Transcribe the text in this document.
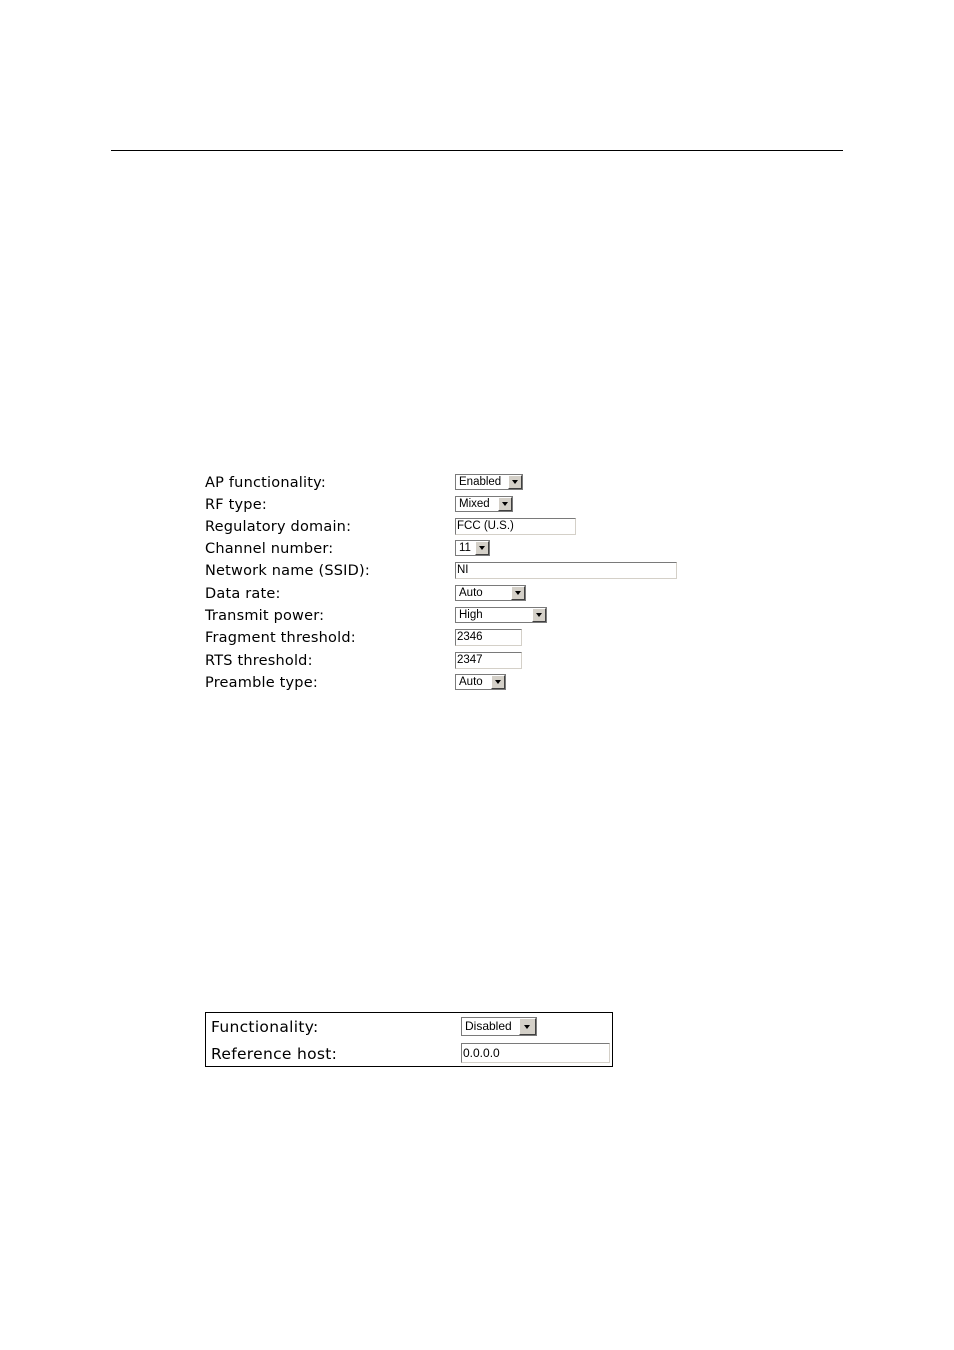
AP functionality:	Enabled
RF type:	Mixed
Regulatory domain:	FCC (U.S.)
Channel number:	11
Network name (SSID):	NI
Data rate:	Auto
Transmit power:	High
Fragment threshold:	2346
RTS threshold:	2347
Preamble type:	Auto
Functionality:	Disabled
Reference host:	0.0.0.0
